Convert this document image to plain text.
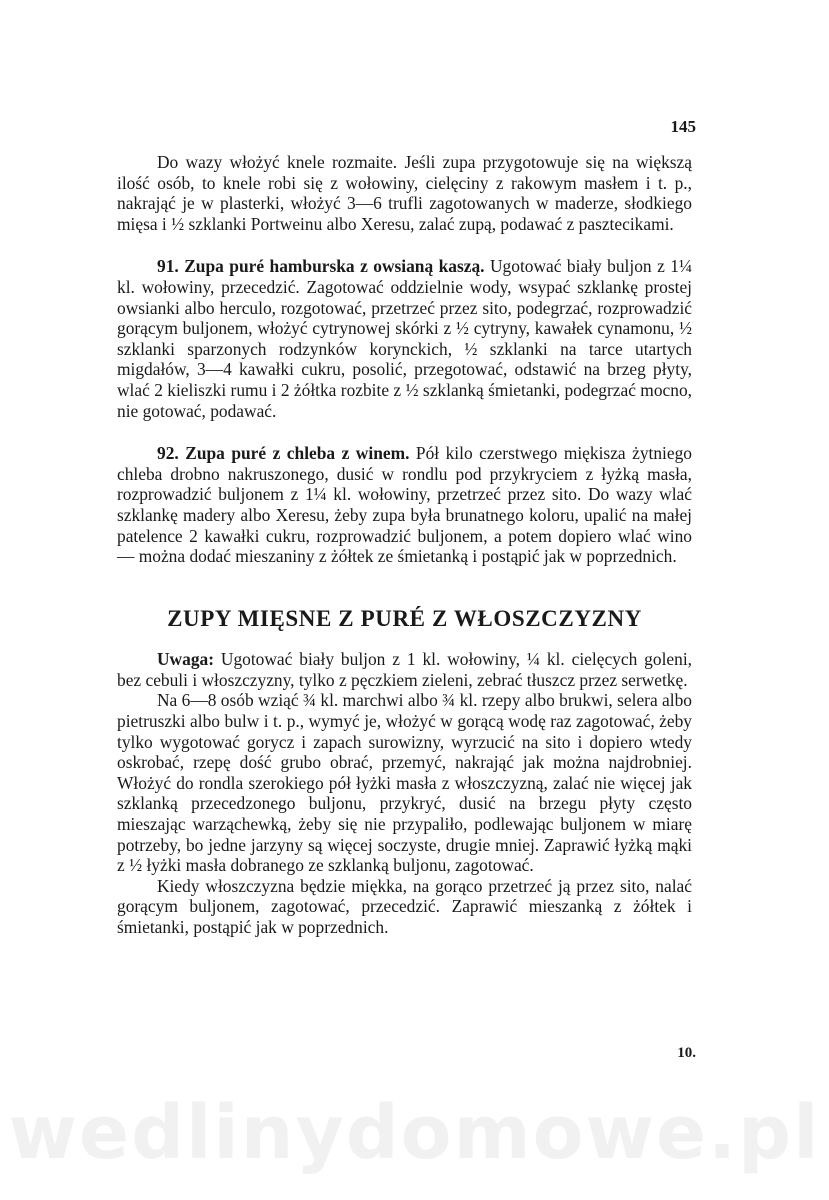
145

Do wazy włożyć knele rozmaite. Jeśli zupa przygotowuje się na większą ilość osób, to knele robi się z wołowiny, cielęciny z rakowym masłem i t. p., nakrająć je w plasterki, włożyć 3—6 trufli zagotowanych w maderze, słodkiego mięsa i ½ szklanki Portweinu albo Xeresu, zalać zupą, podawać z pasztecikami.

91. Zupa puré hamburska z owsianą kaszą. Ugotować biały buljon z 1¼ kl. wołowiny, przecedzić. Zagotować oddzielnie wody, wsypać szklankę prostej owsianki albo herculo, rozgotować, przetrzeć przez sito, podegrzać, rozprowadzić gorącym buljonem, włożyć cytrynowej skórki z ½ cytryny, kawałek cynamonu, ½ szklanki sparzonych rodzynków korynckich, ½ szklanki na tarce utartych migdałów, 3—4 kawałki cukru, posolić, przegotować, odstawić na brzeg płyty, wlać 2 kieliszki rumu i 2 żółtka rozbite z ½ szklanką śmietanki, podegrzać mocno, nie gotować, podawać.

92. Zupa puré z chleba z winem. Pół kilo czerstwego miękisza żytniego chleba drobno nakruszonego, dusić w rondlu pod przykryciem z łyżką masła, rozprowadzić buljonem z 1¼ kl. wołowiny, przetrzeć przez sito. Do wazy wlać szklankę madery albo Xeresu, żeby zupa była brunatnego koloru, upalić na małej patelence 2 kawałki cukru, rozprowadzić buljonem, a potem dopiero wlać wino — można dodać mieszaniny z żółtek ze śmietanką i postąpić jak w poprzednich.

ZUPY MIĘSNE Z PURÉ Z WŁOSZCZYZNY

Uwaga: Ugotować biały buljon z 1 kl. wołowiny, ¼ kl. cielęcych goleni, bez cebuli i włoszczyzny, tylko z pęczkiem zieleni, zebrać tłuszcz przez serwetkę.

Na 6—8 osób wziąć ¾ kl. marchwi albo ¾ kl. rzepy albo brukwi, selera albo pietruszki albo bulw i t. p., wymyć je, włożyć w gorącą wodę raz zagotować, żeby tylko wygotować gorycz i zapach surowizny, wyrzucić na sito i dopiero wtedy oskrobać, rzepę dość grubo obrać, przemyć, nakrająć jak można najdrobniej. Włożyć do rondla szerokiego pół łyżki masła z włoszczyzną, zalać nie więcej jak szklanką przecedzonego buljonu, przykryć, dusić na brzegu płyty często mieszając warząchewką, żeby się nie przypaliło, podlewając buljonem w miarę potrzeby, bo jedne jarzyny są więcej soczyste, drugie mniej. Zaprawić łyżką mąki z ½ łyżki masła dobranego ze szklanką buljonu, zagotować.

Kiedy włoszczyzna będzie miękka, na gorąco przetrzeć ją przez sito, nalać gorącym buljonem, zagotować, przecedzić. Zaprawić mieszanką z żółtek i śmietanki, postąpić jak w poprzednich.

10.
wedlinydomowe.pl
